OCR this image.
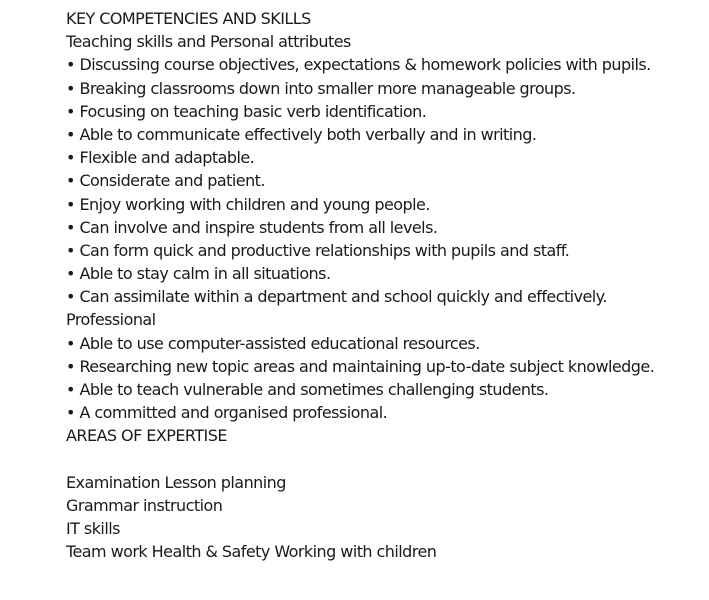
KEY COMPETENCIES AND SKILLS
Teaching skills and Personal attributes
• Discussing course objectives, expectations & homework policies with pupils.
• Breaking classrooms down into smaller more manageable groups.
• Focusing on teaching basic verb identification.
• Able to communicate effectively both verbally and in writing.
• Flexible and adaptable.
• Considerate and patient.
• Enjoy working with children and young people.
• Can involve and inspire students from all levels.
• Can form quick and productive relationships with pupils and staff.
• Able to stay calm in all situations.
• Can assimilate within a department and school quickly and effectively.
Professional
• Able to use computer-assisted educational resources.
• Researching new topic areas and maintaining up-to-date subject knowledge.
• Able to teach vulnerable and sometimes challenging students.
• A committed and organised professional.
AREAS OF EXPERTISE
Examination Lesson planning
Grammar instruction
IT skills
Team work Health & Safety Working with children
